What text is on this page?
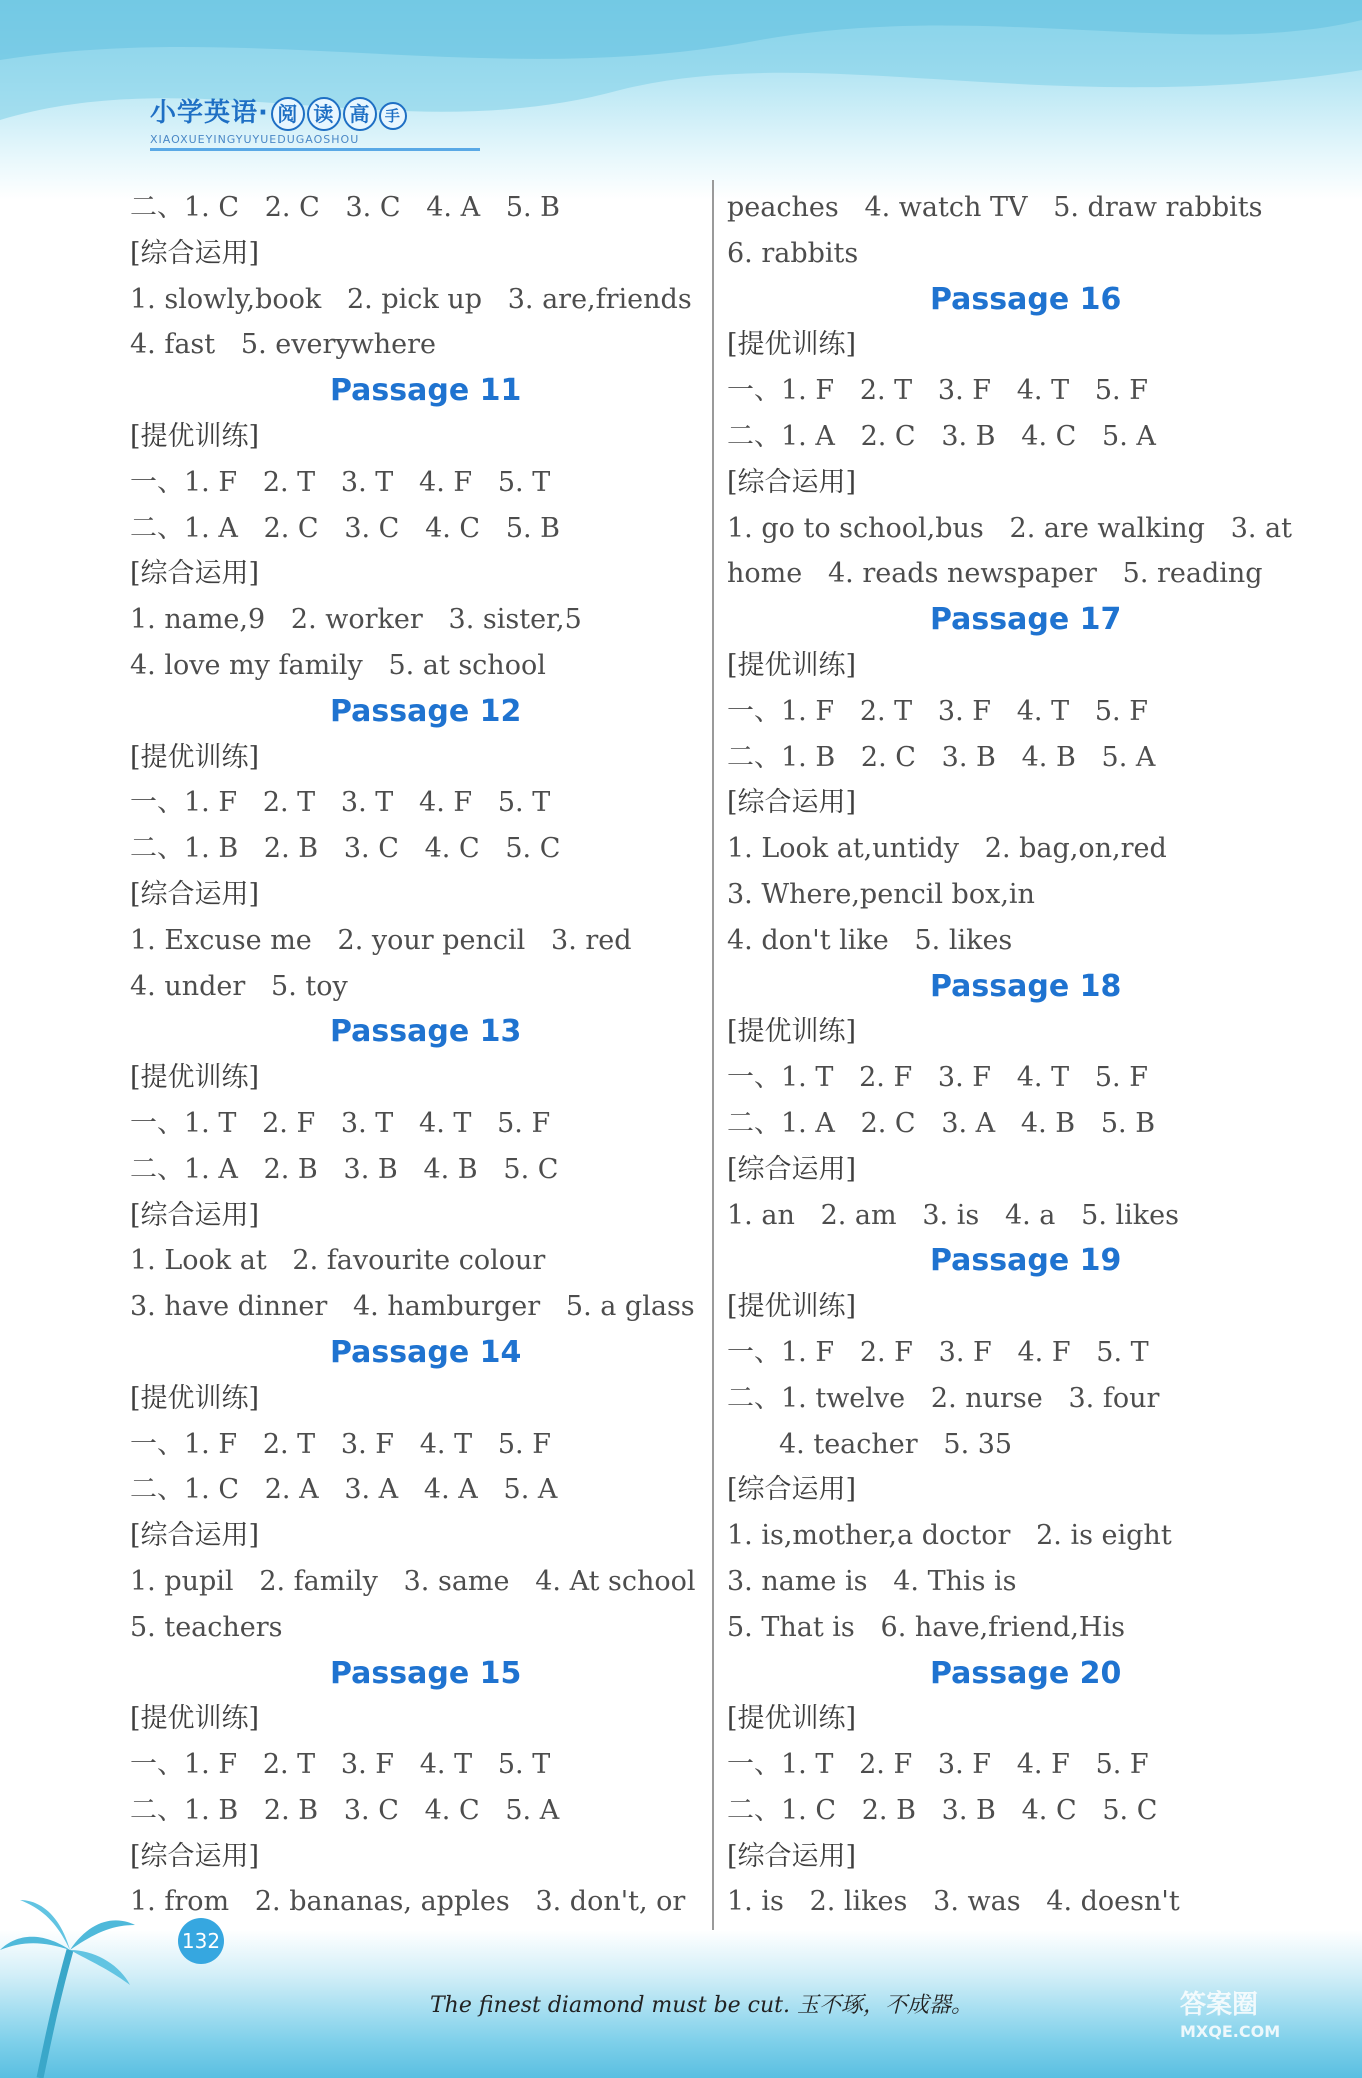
小学英语· 阅 读 高 手
XIAOXUEYINGYUYUEDUGAOSHOU
二、1. C   2. C   3. C   4. A   5. B
[综合运用]
1. slowly,book   2. pick up   3. are,friends
4. fast   5. everywhere
Passage 11
[提优训练]
一、1. F   2. T   3. T   4. F   5. T
二、1. A   2. C   3. C   4. C   5. B
[综合运用]
1. name,9   2. worker   3. sister,5
4. love my family   5. at school
Passage 12
[提优训练]
一、1. F   2. T   3. T   4. F   5. T
二、1. B   2. B   3. C   4. C   5. C
[综合运用]
1. Excuse me   2. your pencil   3. red
4. under   5. toy
Passage 13
[提优训练]
一、1. T   2. F   3. T   4. T   5. F
二、1. A   2. B   3. B   4. B   5. C
[综合运用]
1. Look at   2. favourite colour
3. have dinner   4. hamburger   5. a glass
Passage 14
[提优训练]
一、1. F   2. T   3. F   4. T   5. F
二、1. C   2. A   3. A   4. A   5. A
[综合运用]
1. pupil   2. family   3. same   4. At school
5. teachers
Passage 15
[提优训练]
一、1. F   2. T   3. F   4. T   5. T
二、1. B   2. B   3. C   4. C   5. A
[综合运用]
1. from   2. bananas, apples   3. don't, or
peaches   4. watch TV   5. draw rabbits
6. rabbits
Passage 16
[提优训练]
一、1. F   2. T   3. F   4. T   5. F
二、1. A   2. C   3. B   4. C   5. A
[综合运用]
1. go to school,bus   2. are walking   3. at
home   4. reads newspaper   5. reading
Passage 17
[提优训练]
一、1. F   2. T   3. F   4. T   5. F
二、1. B   2. C   3. B   4. B   5. A
[综合运用]
1. Look at,untidy   2. bag,on,red
3. Where,pencil box,in
4. don't like   5. likes
Passage 18
[提优训练]
一、1. T   2. F   3. F   4. T   5. F
二、1. A   2. C   3. A   4. B   5. B
[综合运用]
1. an   2. am   3. is   4. a   5. likes
Passage 19
[提优训练]
一、1. F   2. F   3. F   4. F   5. T
二、1. twelve   2. nurse   3. four
4. teacher   5. 35
[综合运用]
1. is,mother,a doctor   2. is eight
3. name is   4. This is
5. That is   6. have,friend,His
Passage 20
[提优训练]
一、1. T   2. F   3. F   4. F   5. F
二、1. C   2. B   3. B   4. C   5. C
[综合运用]
1. is   2. likes   3. was   4. doesn't
132
The finest diamond must be cut. 玉不琢，不成器。	答案圈
MXQE.COM
